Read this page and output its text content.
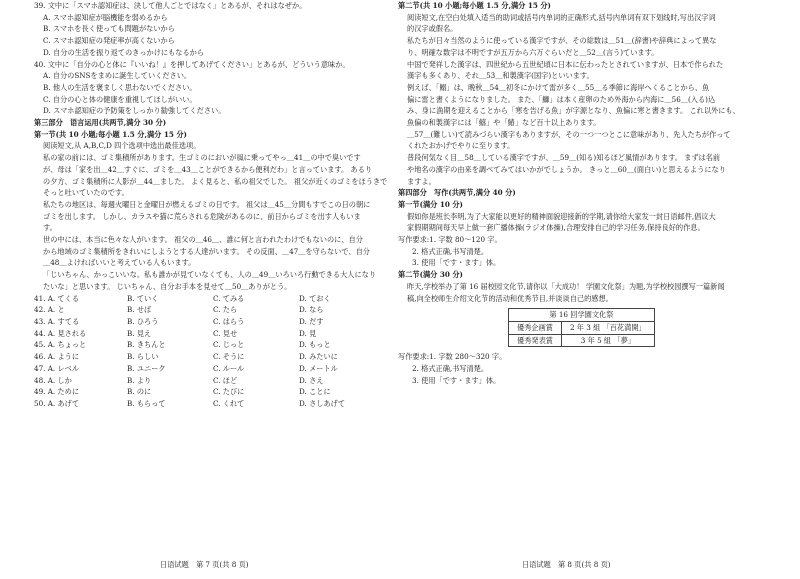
39. 文中に「スマホ認知症は、決して他人ごとではなく」とあるが、それはなぜか。
A. スマホ認知症が脳機能を弱めるから
B. スマホを長く使っても問題がないから
C. スマホ認知症の発症率が高くないから
D. 自分の生活を振り返てのきっかけにもなるから
40. 文中に「自分の心と体に『いいね！』を押してあげてください」とあるが、どういう意味か。
A. 自分のSNSをまめに誕生していください。
B. 他人の生活を褒ましく思わないでください。
C. 自分の心と体の健康を重視してほしがいい。
D. スマホ認知症の予防策をしっかり勧強してください。
第三部分　语言运用(共两节,满分 30 分)
第一节(共 10 小题;每小题 1.5 分,满分 15 分)
阅读短文,从 A,B,C,D 四个选项中选出最佳选项。
私の家の前には、ゴミ集積所があります。生ゴミのにおいが風に乗ってやっ＿41＿の中で臭いです
が、母は「家を出＿42＿すぐに、ゴミを＿43＿ことができるから便利だわ」と言っています。 あるり
の夕方、ゴミ集積所に人影が＿44＿ました。 よく見ると、私の祖父でした。 祖父が近くのゴミをほうきで
そっと吐いていたのです。
私たちの地区は、毎週火曜日と金曜日が燃えるゴミの日です。 祖父は＿45＿分間もすでこの日の朝に
ゴミを出します。 しかし、カラスや猫に荒らされる危険があるのに、前日からゴミを出す人もいま
す。
世の中には、本当に色々な人がいます。 祖父の＿46＿、誰に何と言われたわけでもないのに、自分
から地域のゴミ集積所をきれいにしようとする人達がいます。 その反面、＿47＿を守らないで、自分
＿48＿よければいいと考えている人もいます。
「じいちゃん、かっこいいな。私も誰かが見ていなくても、人の＿49＿いろいろ行動できる大人になり
たいな」と思います。 じいちゃん、自分お手本を見せて＿50＿ありがとう。
41. A. てくる	B. ていく	C. てみる	D. ておく
42. A. と	B. せば	C. たら	D. なら
43. A. すてる	B. ひろう	C. はらう	D. だす
44. A. 見される	B. 見え	C. 見せ	D. 見
45. A. ちょっと	B. きちんと	C. じっと	D. もっと
46. A. ように	B. らしい	C. そうに	D. みたいに
47. A. レベル	B. ユニーク	C. ルール	D. メートル
48. A. しか	B. より	C. ほど	D. さえ
49. A. ために	B. のに	C. たびに	D. ことに
50. A. あげて	B. もらって	C. くれて	D. さしあげて
第二节(共 10 小题;每小题 1.5 分,满分 15 分)
阅读短文,在空白处填入适当的助词或括号内单词的正确形式,括号内单词有双下划线时,写出汉字词
的汉字或假名。
私たちが日々当然のように使っている漢字ですが、その総数は＿51＿(辞書)や辞典によって異な
り、明確な数字は不明ですが五万から六万ぐらいだと＿52＿(言う)ています。
中国で発祥した漢字は、四世紀から五世紀頃に日本に伝わったとされていますが、日本で作られた
漢字も多くあり、それ＿53＿和製漢字(国字)といいます。
例えば、「鰯」は、晩秋＿54＿初冬にかけて雷が多く＿55＿る季節に海岸へくることから、魚
偏に雷と書くようになりました。 また、「鰤」は本く産卵のため外海から内海に＿56＿(入る)込
み、身に漁期を迎えることから「寒を告げる魚」が字源となり、魚偏に寒と書きます。 これ以外にも、
魚偏の和製漢字には「鱚」や「鰆」など百十以上あります。
＿57＿(難しい)て読みづらい漢字もありますが、その一つ一つとこに意味があり、先人たちが作って
くれたおかげでやりに至ります。
普段何気なく目＿58＿している漢字ですが、＿59＿(知る)知るほど風情があります。 まずは名前
や地名の漢字の由来を調べてみてはいかがでしょうか。 きっと＿60＿(面白い)と思えるようになり
ますよ。
第四部分　写作(共两节,满分 40 分)
第一节(满分 10 分)
假如你是班长李明,为了大家能以更好的精神面貌迎接新的学期,请你给大家发一封日语邮件,倡议大
家假期期间每天早上做一套广播体操(ラジオ体操),合理安排自己的学习任务,保持良好的作息。
写作要求:1. 字数 80～120 字。
2. 格式正确,书写清楚。
3. 使用「です・ます」体。
第二节(满分 30 分)
昨天,学校举办了第 16 届校园文化节,请你以「大成功！ 学園文化祭」为题,为学校校园撰写一篇新闻
稿,向全校师生介绍文化节的活动和优秀节目,并谈谈自己的感想。
第 16 回学園文化祭	
優秀企画賞	2 年 3 組 「百花満開」
優秀発表賞	3 年 5 組 「夢」
写作要求:1. 字数 280～320 字。
2. 格式正确,书写清楚。
3. 使用「です・ます」体。
日语试题　第 7 页(共 8 页)	日语试题　第 8 页(共 8 页)
